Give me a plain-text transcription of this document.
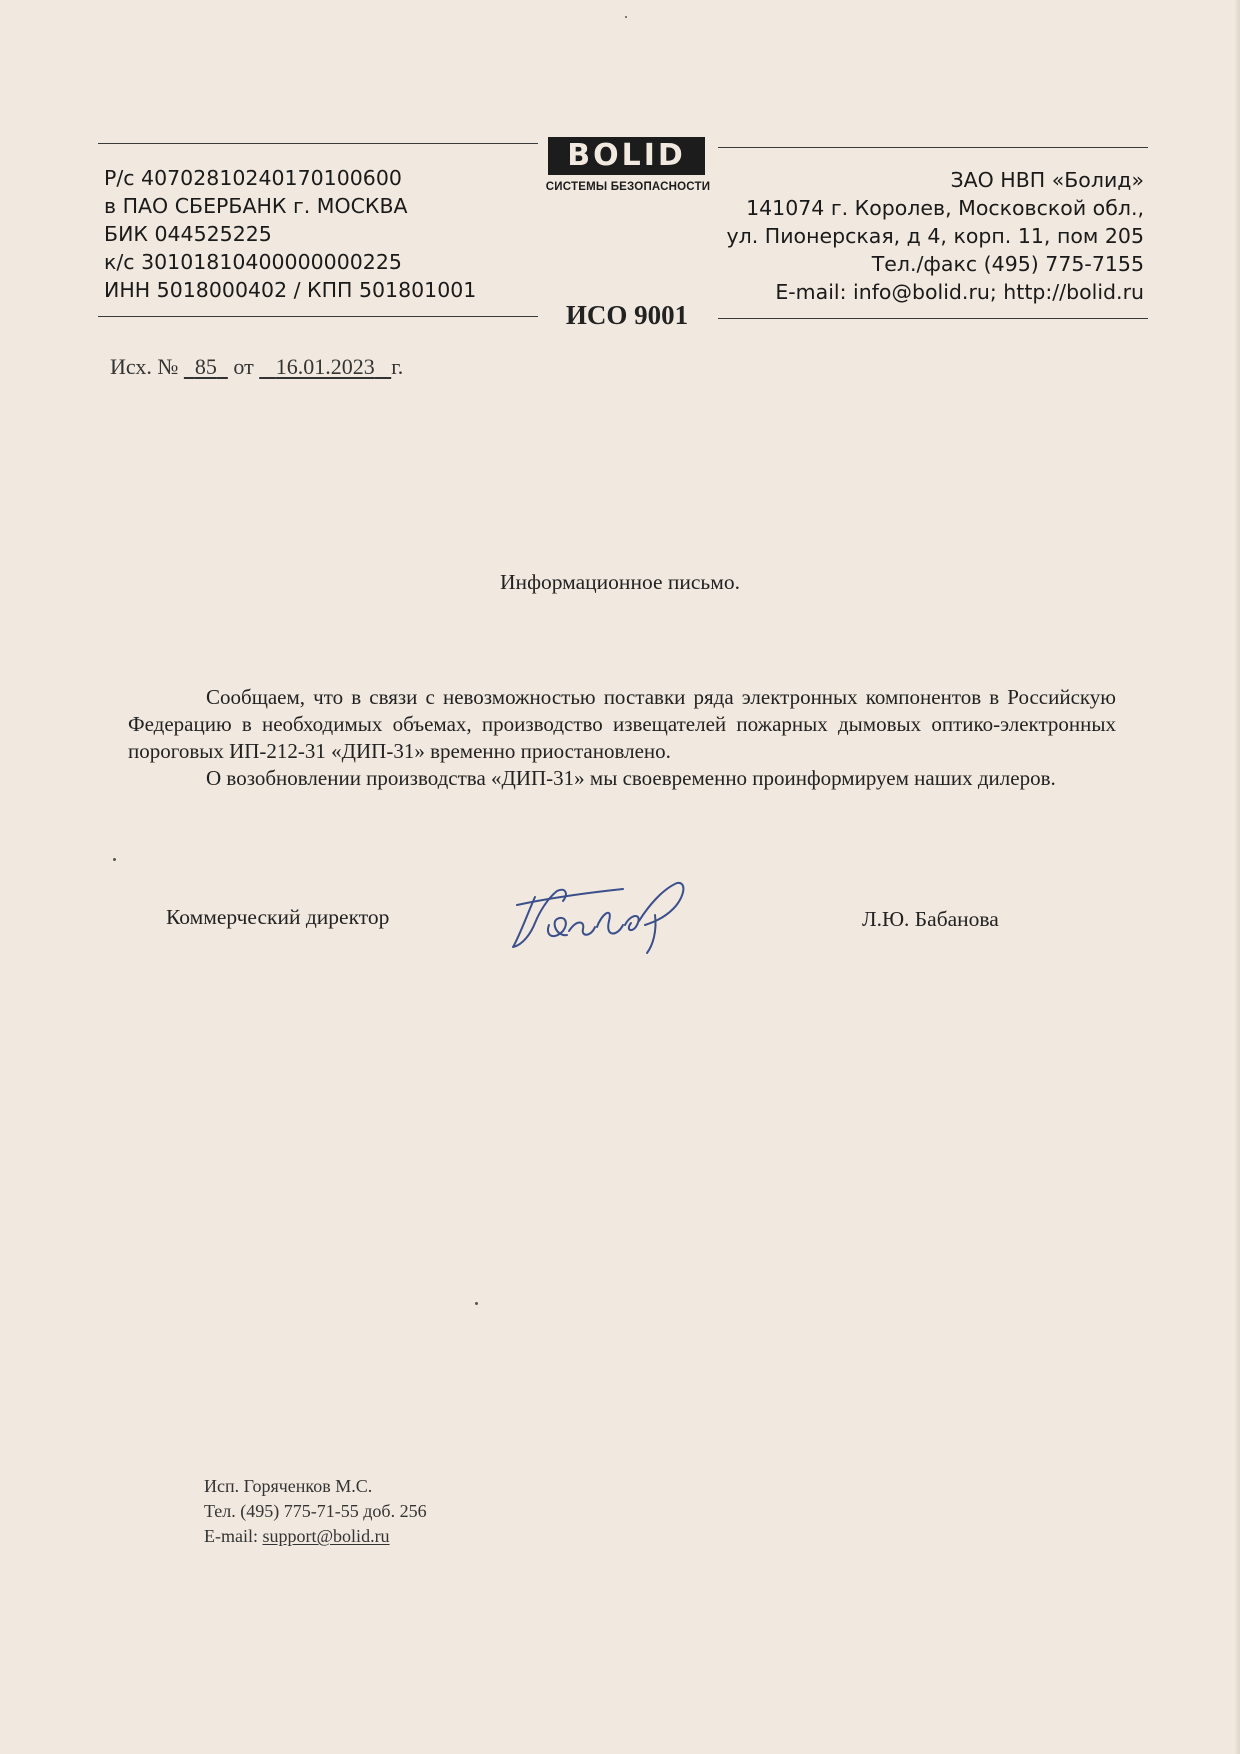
Р/с 40702810240170100600
в ПАО СБЕРБАНК г. МОСКВА
БИК 044525225
к/с 30101810400000000225
ИНН 5018000402 / КПП 501801001
BOLID
СИСТЕМЫ БЕЗОПАСНОСТИ
ИСО 9001
ЗАО НВП «Болид»
141074 г. Королев, Московской обл.,
ул. Пионерская, д 4, корп. 11, пом 205
Тел./факс (495) 775-7155
E-mail: info@bolid.ru; http://bolid.ru
Исх. № 85 от 16.01.2023 г.
Информационное письмо.

Сообщаем, что в связи с невозможностью поставки ряда электронных компонентов в Российскую Федерацию в необходимых объемах, производство извещателей пожарных дымовых оптико-электронных пороговых ИП-212-31 «ДИП-31» временно приостановлено.

О возобновлении производства «ДИП-31» мы своевременно проинформируем наших дилеров.

Коммерческий директор	Л.Ю. Бабанова
Исп. Горяченков М.С.
Тел. (495) 775-71-55 доб. 256
E-mail: support@bolid.ru
